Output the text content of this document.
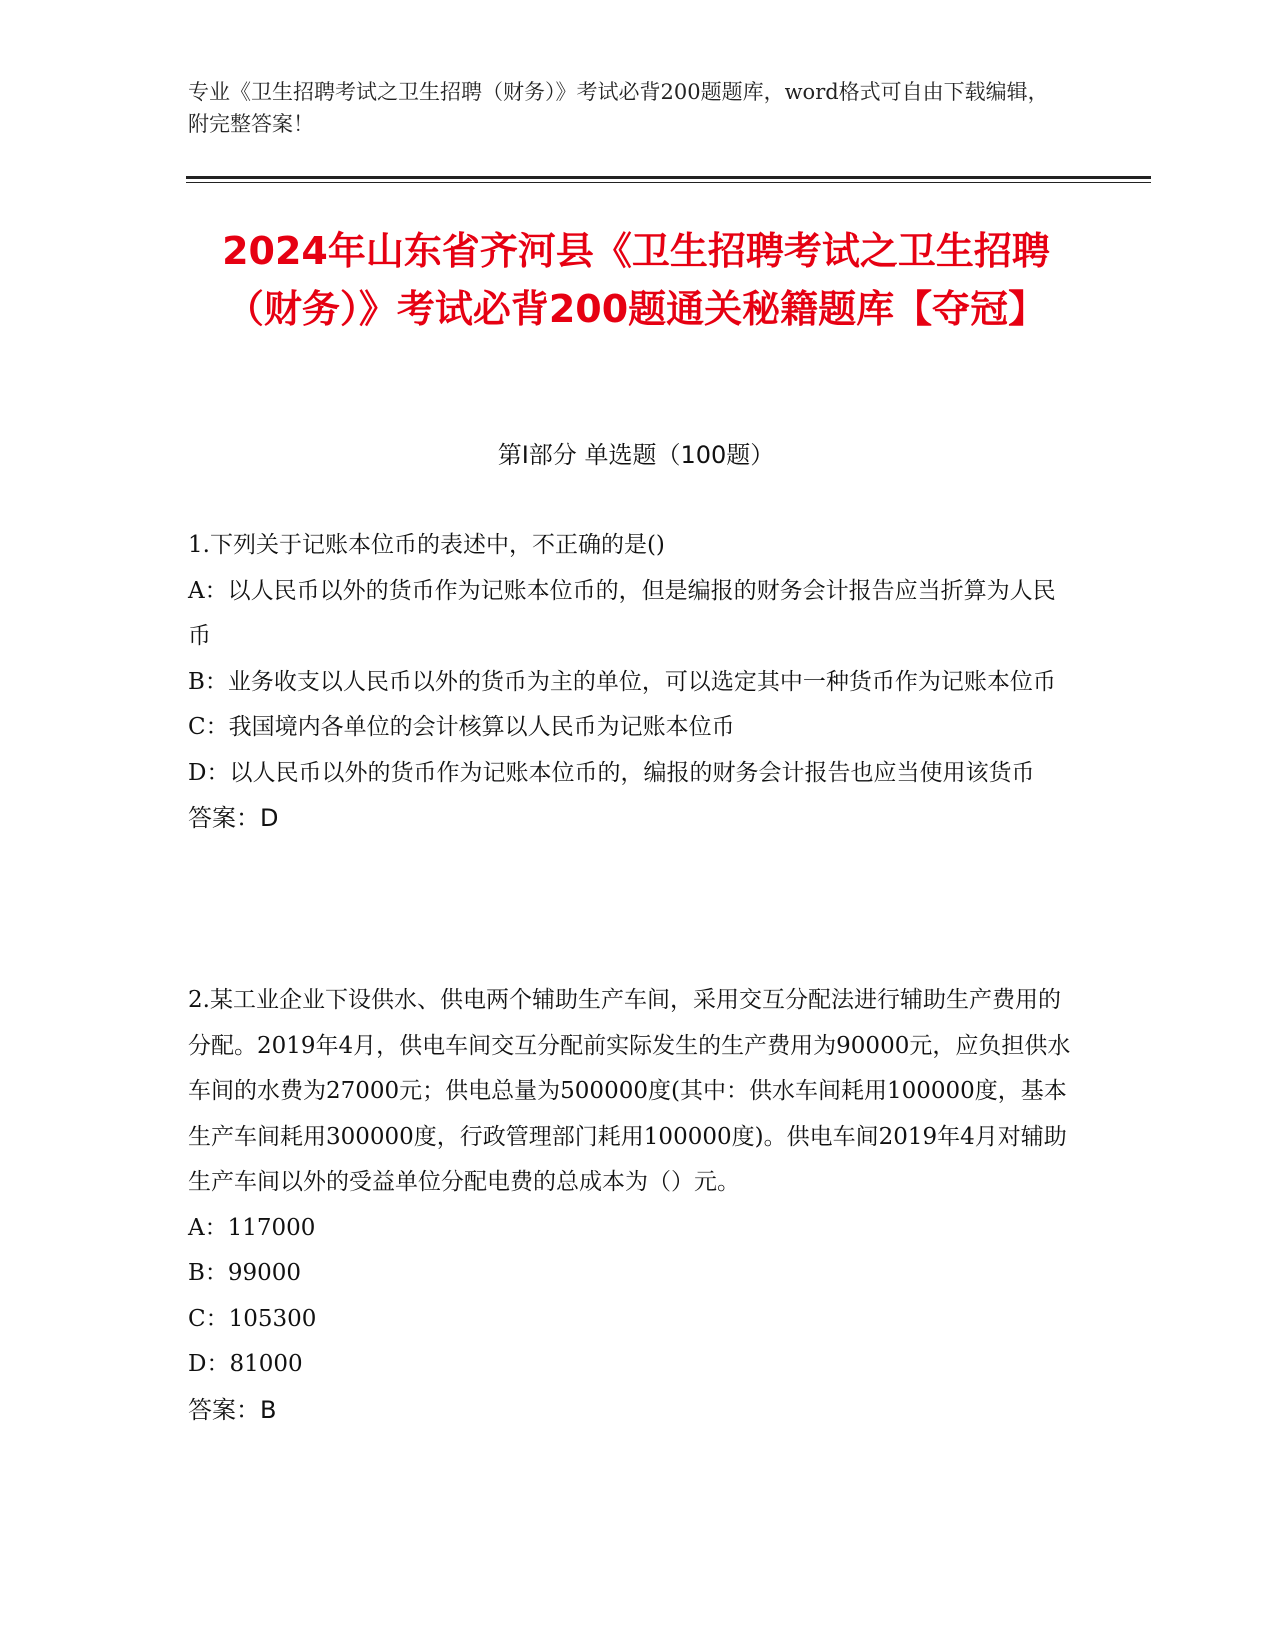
专业《卫生招聘考试之卫生招聘（财务）》考试必背200题题库，word格式可自由下载编辑，附完整答案！
2024年山东省齐河县《卫生招聘考试之卫生招聘（财务）》考试必背200题通关秘籍题库【夺冠】
第I部分 单选题（100题）
1.下列关于记账本位币的表述中，不正确的是()
A：以人民币以外的货币作为记账本位币的，但是编报的财务会计报告应当折算为人民币
B：业务收支以人民币以外的货币为主的单位，可以选定其中一种货币作为记账本位币
C：我国境内各单位的会计核算以人民币为记账本位币
D：以人民币以外的货币作为记账本位币的，编报的财务会计报告也应当使用该货币
答案：D
2.某工业企业下设供水、供电两个辅助生产车间，采用交互分配法进行辅助生产费用的分配。2019年4月，供电车间交互分配前实际发生的生产费用为90000元，应负担供水车间的水费为27000元；供电总量为500000度(其中：供水车间耗用100000度，基本生产车间耗用300000度，行政管理部门耗用100000度)。供电车间2019年4月对辅助生产车间以外的受益单位分配电费的总成本为（）元。
A：117000
B：99000
C：105300
D：81000
答案：B
